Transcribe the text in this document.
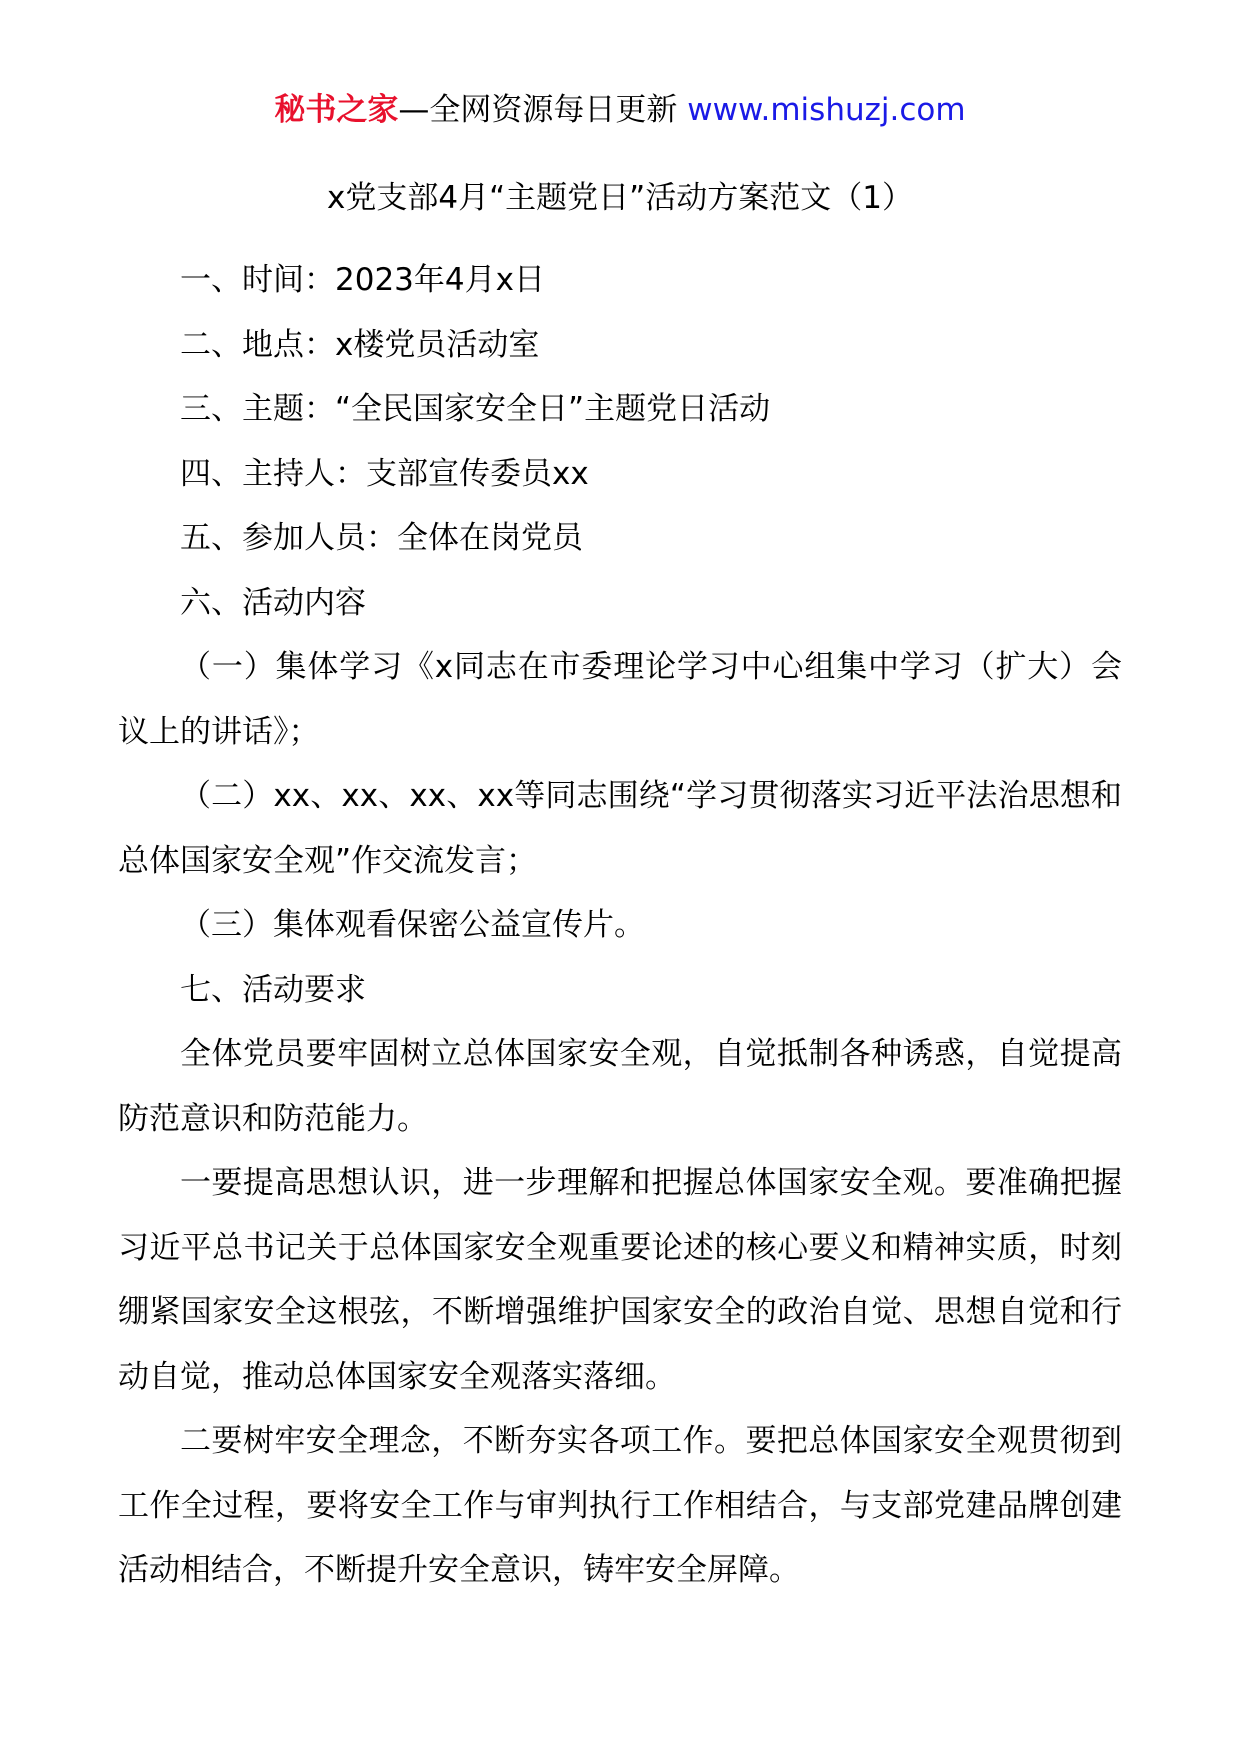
秘书之家—全网资源每日更新 www.mishuzj.com
x党支部4月“主题党日”活动方案范文（1）

一、时间：2023年4月x日

二、地点：x楼党员活动室

三、主题：“全民国家安全日”主题党日活动

四、主持人：支部宣传委员xx

五、参加人员：全体在岗党员

六、活动内容

（一）集体学习《x同志在市委理论学习中心组集中学习（扩大）会议上的讲话》；

（二）xx、xx、xx、xx等同志围绕“学习贯彻落实习近平法治思想和总体国家安全观”作交流发言；

（三）集体观看保密公益宣传片。

七、活动要求

全体党员要牢固树立总体国家安全观，自觉抵制各种诱惑，自觉提高防范意识和防范能力。

一要提高思想认识，进一步理解和把握总体国家安全观。要准确把握习近平总书记关于总体国家安全观重要论述的核心要义和精神实质，时刻绷紧国家安全这根弦，不断增强维护国家安全的政治自觉、思想自觉和行动自觉，推动总体国家安全观落实落细。

二要树牢安全理念，不断夯实各项工作。要把总体国家安全观贯彻到工作全过程，要将安全工作与审判执行工作相结合，与支部党建品牌创建活动相结合，不断提升安全意识，铸牢安全屏障。
